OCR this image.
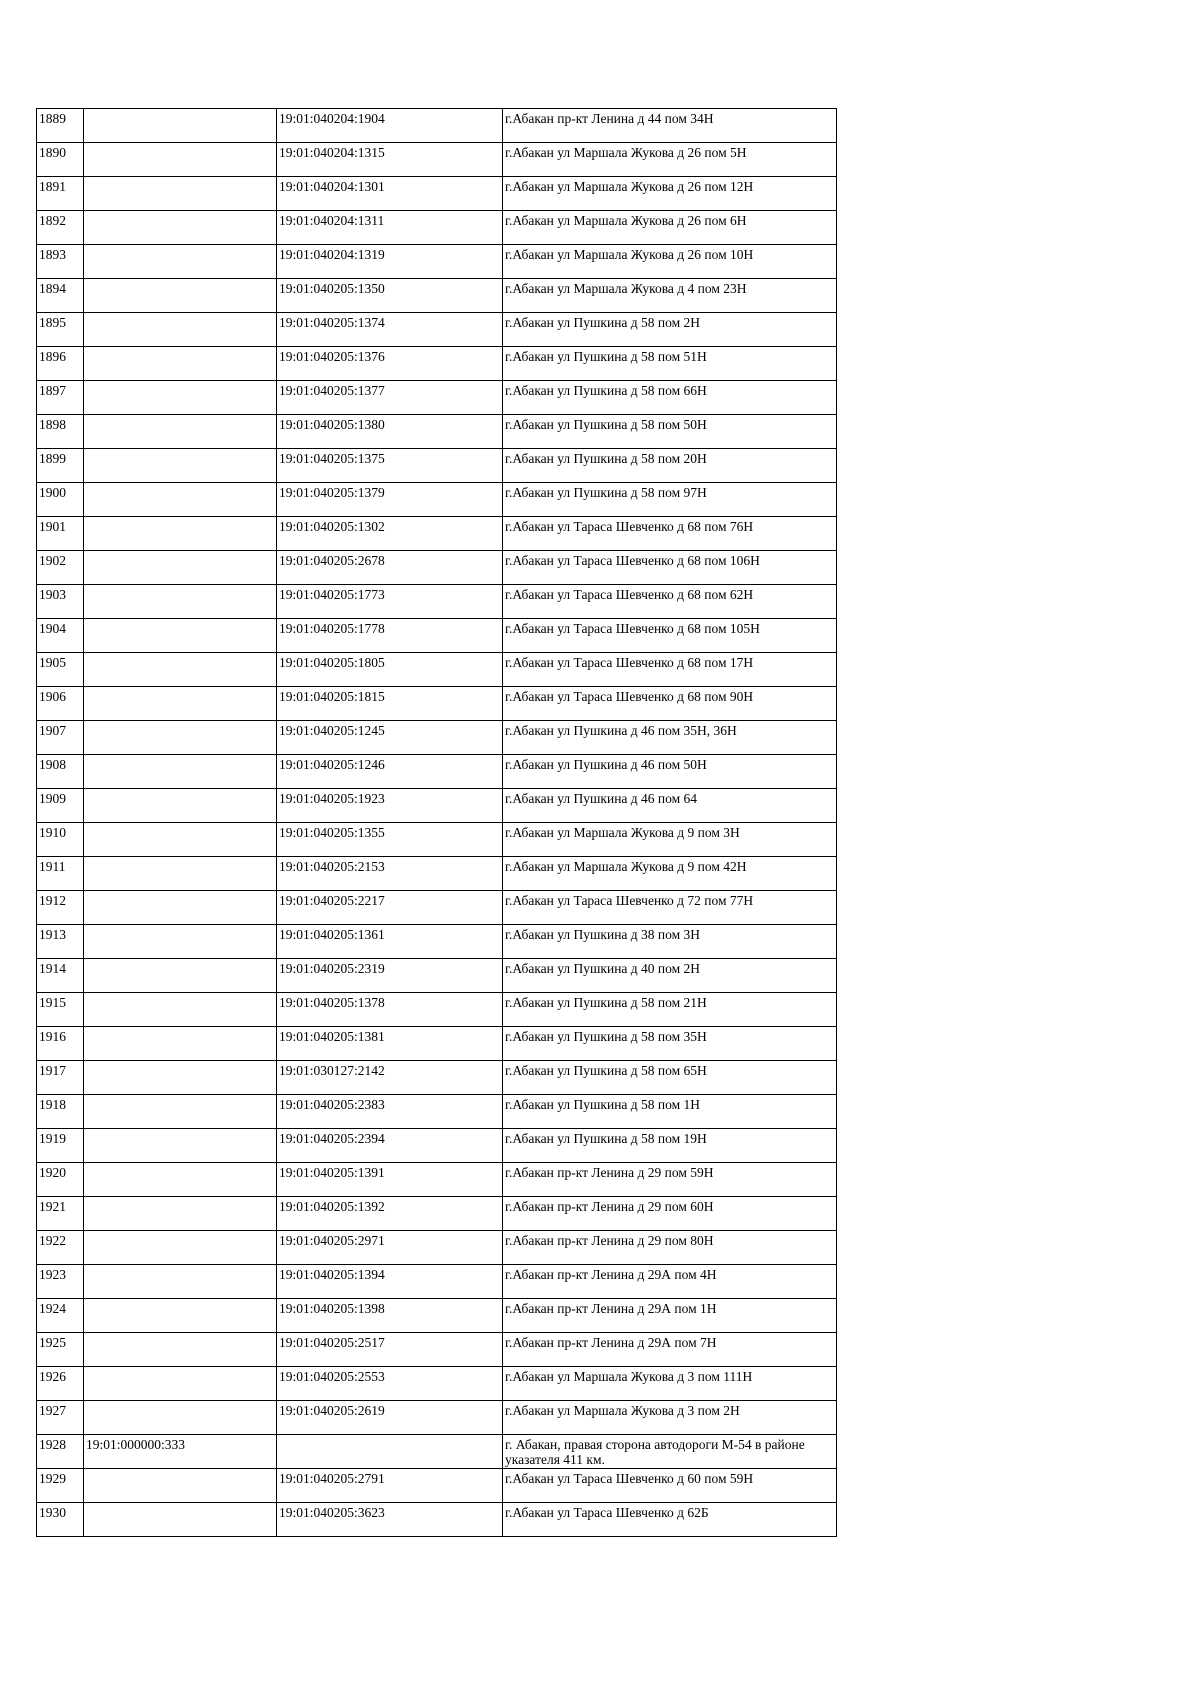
1889		19:01:040204:1904	г.Абакан пр-кт Ленина д 44 пом 34Н
1890		19:01:040204:1315	г.Абакан ул Маршала Жукова д 26 пом 5Н
1891		19:01:040204:1301	г.Абакан ул Маршала Жукова д 26 пом 12Н
1892		19:01:040204:1311	г.Абакан ул Маршала Жукова д 26 пом 6Н
1893		19:01:040204:1319	г.Абакан ул Маршала Жукова д 26 пом 10Н
1894		19:01:040205:1350	г.Абакан ул Маршала Жукова д 4 пом 23Н
1895		19:01:040205:1374	г.Абакан ул Пушкина д 58 пом 2Н
1896		19:01:040205:1376	г.Абакан ул Пушкина д 58 пом 51Н
1897		19:01:040205:1377	г.Абакан ул Пушкина д 58 пом 66Н
1898		19:01:040205:1380	г.Абакан ул Пушкина д 58 пом 50Н
1899		19:01:040205:1375	г.Абакан ул Пушкина д 58 пом 20Н
1900		19:01:040205:1379	г.Абакан ул Пушкина д 58 пом 97Н
1901		19:01:040205:1302	г.Абакан ул Тараса Шевченко д 68 пом 76Н
1902		19:01:040205:2678	г.Абакан ул Тараса Шевченко д 68 пом 106Н
1903		19:01:040205:1773	г.Абакан ул Тараса Шевченко д 68 пом 62Н
1904		19:01:040205:1778	г.Абакан ул Тараса Шевченко д 68 пом 105Н
1905		19:01:040205:1805	г.Абакан ул Тараса Шевченко д 68 пом 17Н
1906		19:01:040205:1815	г.Абакан ул Тараса Шевченко д 68 пом 90Н
1907		19:01:040205:1245	г.Абакан ул Пушкина д 46 пом 35Н, 36Н
1908		19:01:040205:1246	г.Абакан ул Пушкина д 46 пом 50Н
1909		19:01:040205:1923	г.Абакан ул Пушкина д 46 пом 64
1910		19:01:040205:1355	г.Абакан ул Маршала Жукова д 9 пом 3Н
1911		19:01:040205:2153	г.Абакан ул Маршала Жукова д 9 пом 42Н
1912		19:01:040205:2217	г.Абакан ул Тараса Шевченко д 72 пом 77Н
1913		19:01:040205:1361	г.Абакан ул Пушкина д 38 пом 3Н
1914		19:01:040205:2319	г.Абакан ул Пушкина д 40 пом 2Н
1915		19:01:040205:1378	г.Абакан ул Пушкина д 58 пом 21Н
1916		19:01:040205:1381	г.Абакан ул Пушкина д 58 пом 35Н
1917		19:01:030127:2142	г.Абакан ул Пушкина д 58 пом 65Н
1918		19:01:040205:2383	г.Абакан ул Пушкина д 58 пом 1Н
1919		19:01:040205:2394	г.Абакан ул Пушкина д 58 пом 19Н
1920		19:01:040205:1391	г.Абакан пр-кт Ленина д 29 пом 59Н
1921		19:01:040205:1392	г.Абакан пр-кт Ленина д 29 пом 60Н
1922		19:01:040205:2971	г.Абакан пр-кт Ленина д 29 пом 80Н
1923		19:01:040205:1394	г.Абакан пр-кт Ленина д 29А пом 4Н
1924		19:01:040205:1398	г.Абакан пр-кт Ленина д 29А пом 1Н
1925		19:01:040205:2517	г.Абакан пр-кт Ленина д 29А пом 7Н
1926		19:01:040205:2553	г.Абакан ул Маршала Жукова д 3 пом 111Н
1927		19:01:040205:2619	г.Абакан ул Маршала Жукова д 3 пом 2Н
1928	19:01:000000:333		г. Абакан, правая сторона автодороги М-54 в районе указателя 411 км.
1929		19:01:040205:2791	г.Абакан ул Тараса Шевченко д 60 пом 59Н
1930		19:01:040205:3623	г.Абакан ул Тараса Шевченко д 62Б
